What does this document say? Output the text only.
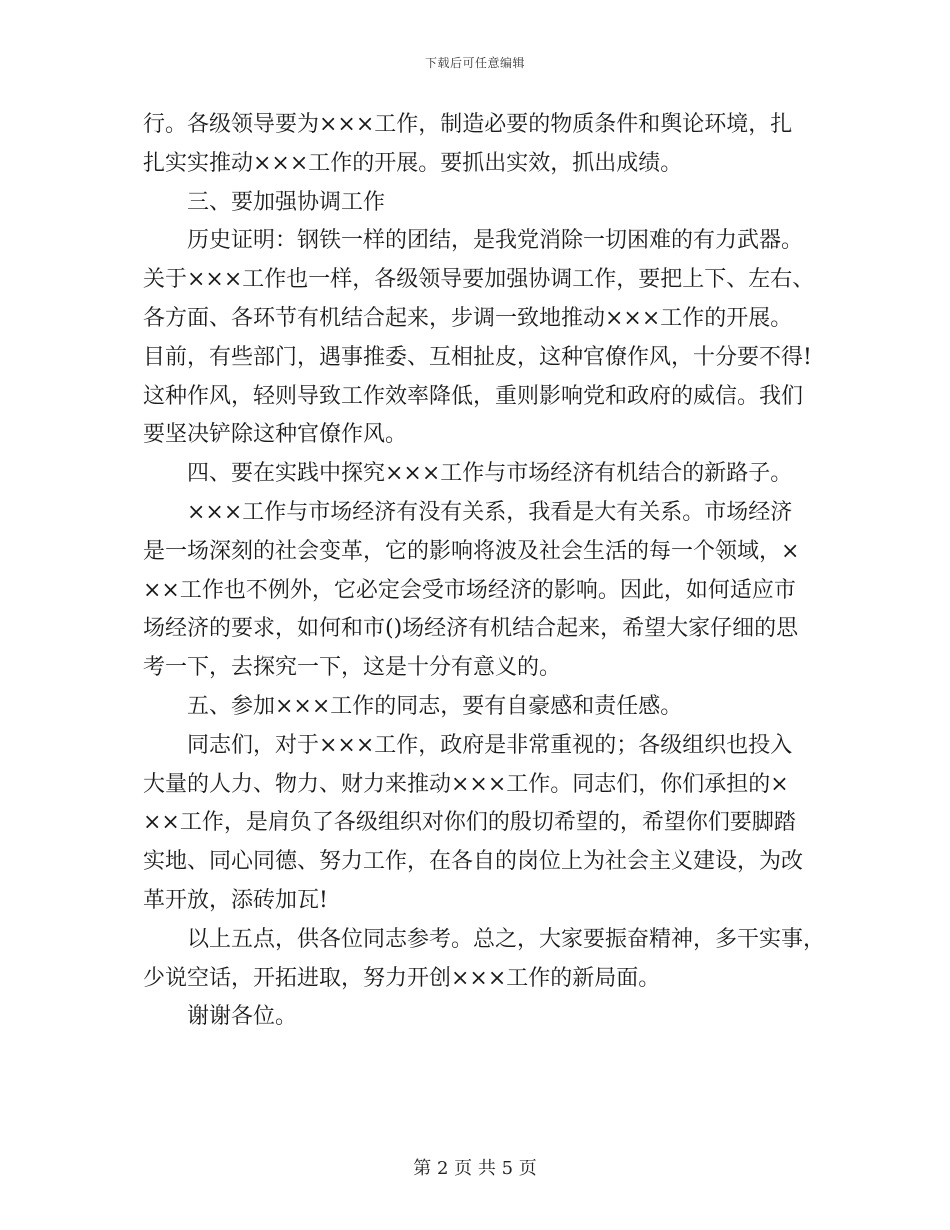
下载后可任意编辑
行。各级领导要为×××工作，制造必要的物质条件和舆论环境，扎
扎实实推动×××工作的开展。要抓出实效，抓出成绩。
三、要加强协调工作
历史证明：钢铁一样的团结，是我党消除一切困难的有力武器。
关于×××工作也一样，各级领导要加强协调工作，要把上下、左右、
各方面、各环节有机结合起来，步调一致地推动×××工作的开展。
目前，有些部门，遇事推委、互相扯皮，这种官僚作风，十分要不得!
这种作风，轻则导致工作效率降低，重则影响党和政府的威信。我们
要坚决铲除这种官僚作风。
四、要在实践中探究×××工作与市场经济有机结合的新路子。
×××工作与市场经济有没有关系，我看是大有关系。市场经济
是一场深刻的社会变革，它的影响将波及社会生活的每一个领域，×
××工作也不例外，它必定会受市场经济的影响。因此，如何适应市
场经济的要求，如何和市()场经济有机结合起来，希望大家仔细的思
考一下，去探究一下，这是十分有意义的。
五、参加×××工作的同志，要有自豪感和责任感。
同志们，对于×××工作，政府是非常重视的；各级组织也投入
大量的人力、物力、财力来推动×××工作。同志们，你们承担的×
××工作，是肩负了各级组织对你们的殷切希望的，希望你们要脚踏
实地、同心同德、努力工作，在各自的岗位上为社会主义建设，为改
革开放，添砖加瓦!
以上五点，供各位同志参考。总之，大家要振奋精神，多干实事，
少说空话，开拓进取，努力开创×××工作的新局面。
谢谢各位。
第 2 页 共 5 页
